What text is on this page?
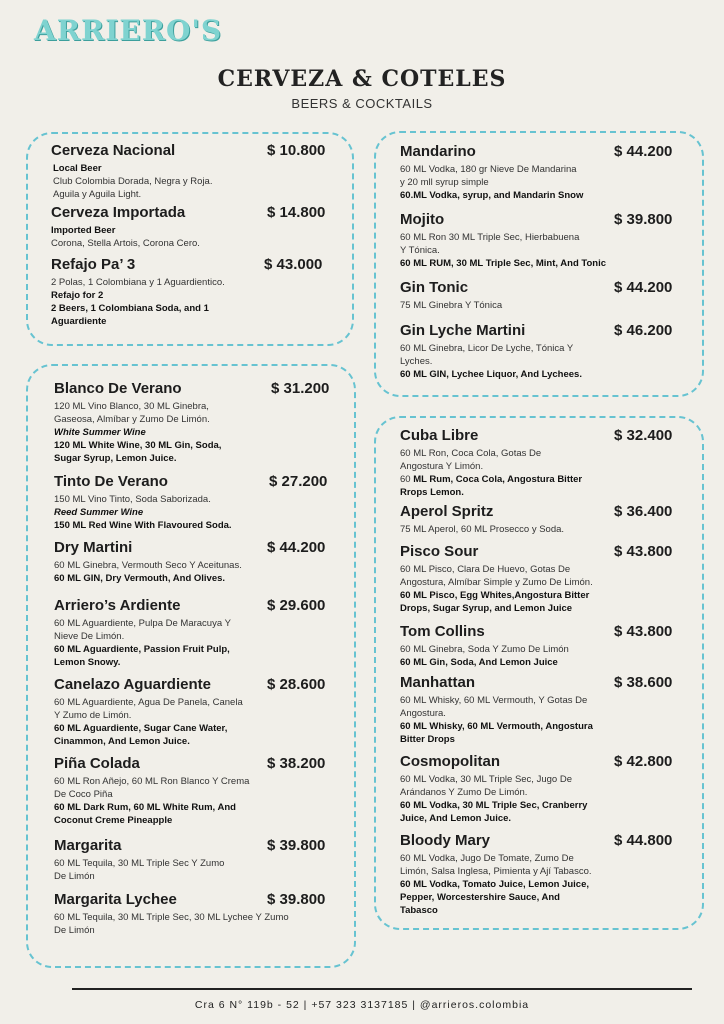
ARRIERO'S
CERVEZA & COTELES
BEERS & COCKTAILS
Cerveza Nacional	$ 10.800
Local Beer
Club Colombia Dorada, Negra y Roja.
Aguila y Aguila Light.
Cerveza Importada	$ 14.800
Imported Beer
Corona, Stella Artois, Corona Cero.
Refajo Pa’ 3	$ 43.000
2 Polas, 1 Colombiana y 1 Aguardientico.
Refajo for 2
2 Beers, 1 Colombiana Soda, and 1
Aguardiente
Blanco De Verano	$ 31.200
120 ML Vino Blanco, 30 ML Ginebra,
Gaseosa, Almíbar y Zumo De Limón.
White Summer Wine
120 ML White Wine, 30 ML Gin, Soda,
Sugar Syrup, Lemon Juice.
Tinto De Verano	$ 27.200
150 ML Vino Tinto, Soda Saborizada.
Reed Summer Wine
150 ML Red Wine With Flavoured Soda.
Dry Martini	$ 44.200
60 ML Ginebra, Vermouth Seco Y Aceitunas.
60 ML GIN, Dry Vermouth, And Olives.
Arriero’s Ardiente	$ 29.600
60 ML Aguardiente, Pulpa De Maracuya Y
Nieve De Limón.
60 ML Aguardiente, Passion Fruit Pulp,
Lemon Snowy.
Canelazo Aguardiente	$ 28.600
60 ML Aguardiente, Agua De Panela, Canela
Y Zumo de Limón.
60 ML Aguardiente, Sugar Cane Water,
Cinammon, And Lemon Juice.
Piña Colada	$ 38.200
60 ML Ron Añejo, 60 ML Ron Blanco Y Crema
De Coco Piña
60 ML Dark Rum, 60 ML White Rum, And
Coconut Creme Pineapple
Margarita	$ 39.800
60 ML Tequila, 30 ML Triple Sec Y Zumo
De Limón
Margarita Lychee	$ 39.800
60 ML Tequila, 30 ML Triple Sec, 30 ML Lychee Y Zumo
De Limón
Mandarino	$ 44.200
60 ML Vodka, 180 gr Nieve De Mandarina
y 20 mll syrup simple
60.ML Vodka, syrup, and Mandarin Snow
Mojito	$ 39.800
60 ML Ron 30 ML Triple Sec, Hierbabuena
Y Tónica.
60 ML RUM, 30 ML Triple Sec, Mint, And Tonic
Gin Tonic	$ 44.200
75 ML Ginebra Y Tónica
Gin Lyche Martini	$ 46.200
60 ML Ginebra, Licor De Lyche, Tónica Y
Lyches.
60 ML GIN, Lychee Liquor, And Lychees.
Cuba Libre	$ 32.400
60 ML Ron, Coca Cola, Gotas De
Angostura Y Limón.
60 ML Rum, Coca Cola, Angostura Bitter
Rrops Lemon.
Aperol Spritz	$ 36.400
75 ML Aperol, 60 ML Prosecco y Soda.
Pisco Sour	$ 43.800
60 ML Pisco, Clara De Huevo, Gotas De
Angostura, Almíbar Simple y Zumo De Limón.
60 ML Pisco, Egg Whites,Angostura Bitter
Drops, Sugar Syrup, and Lemon Juice
Tom Collins	$ 43.800
60 ML Ginebra, Soda Y Zumo De Limón
60 ML Gin, Soda, And Lemon Juice
Manhattan	$ 38.600
60 ML Whisky, 60 ML Vermouth, Y Gotas De
Angostura.
60 ML Whisky, 60 ML Vermouth, Angostura
Bitter Drops
Cosmopolitan	$ 42.800
60 ML Vodka, 30 ML Triple Sec, Jugo De
Arándanos Y Zumo De Limón.
60 ML Vodka, 30 ML Triple Sec, Cranberry
Juice, And Lemon Juice.
Bloody Mary	$ 44.800
60 ML Vodka, Jugo De Tomate, Zumo De
Limón, Salsa Inglesa, Pimienta y Ají Tabasco.
60 ML Vodka, Tomato Juice, Lemon Juice,
Pepper, Worcestershire Sauce, And
Tabasco
Cra 6 N° 119b - 52 | +57 323 3137185 | @arrieros.colombia
